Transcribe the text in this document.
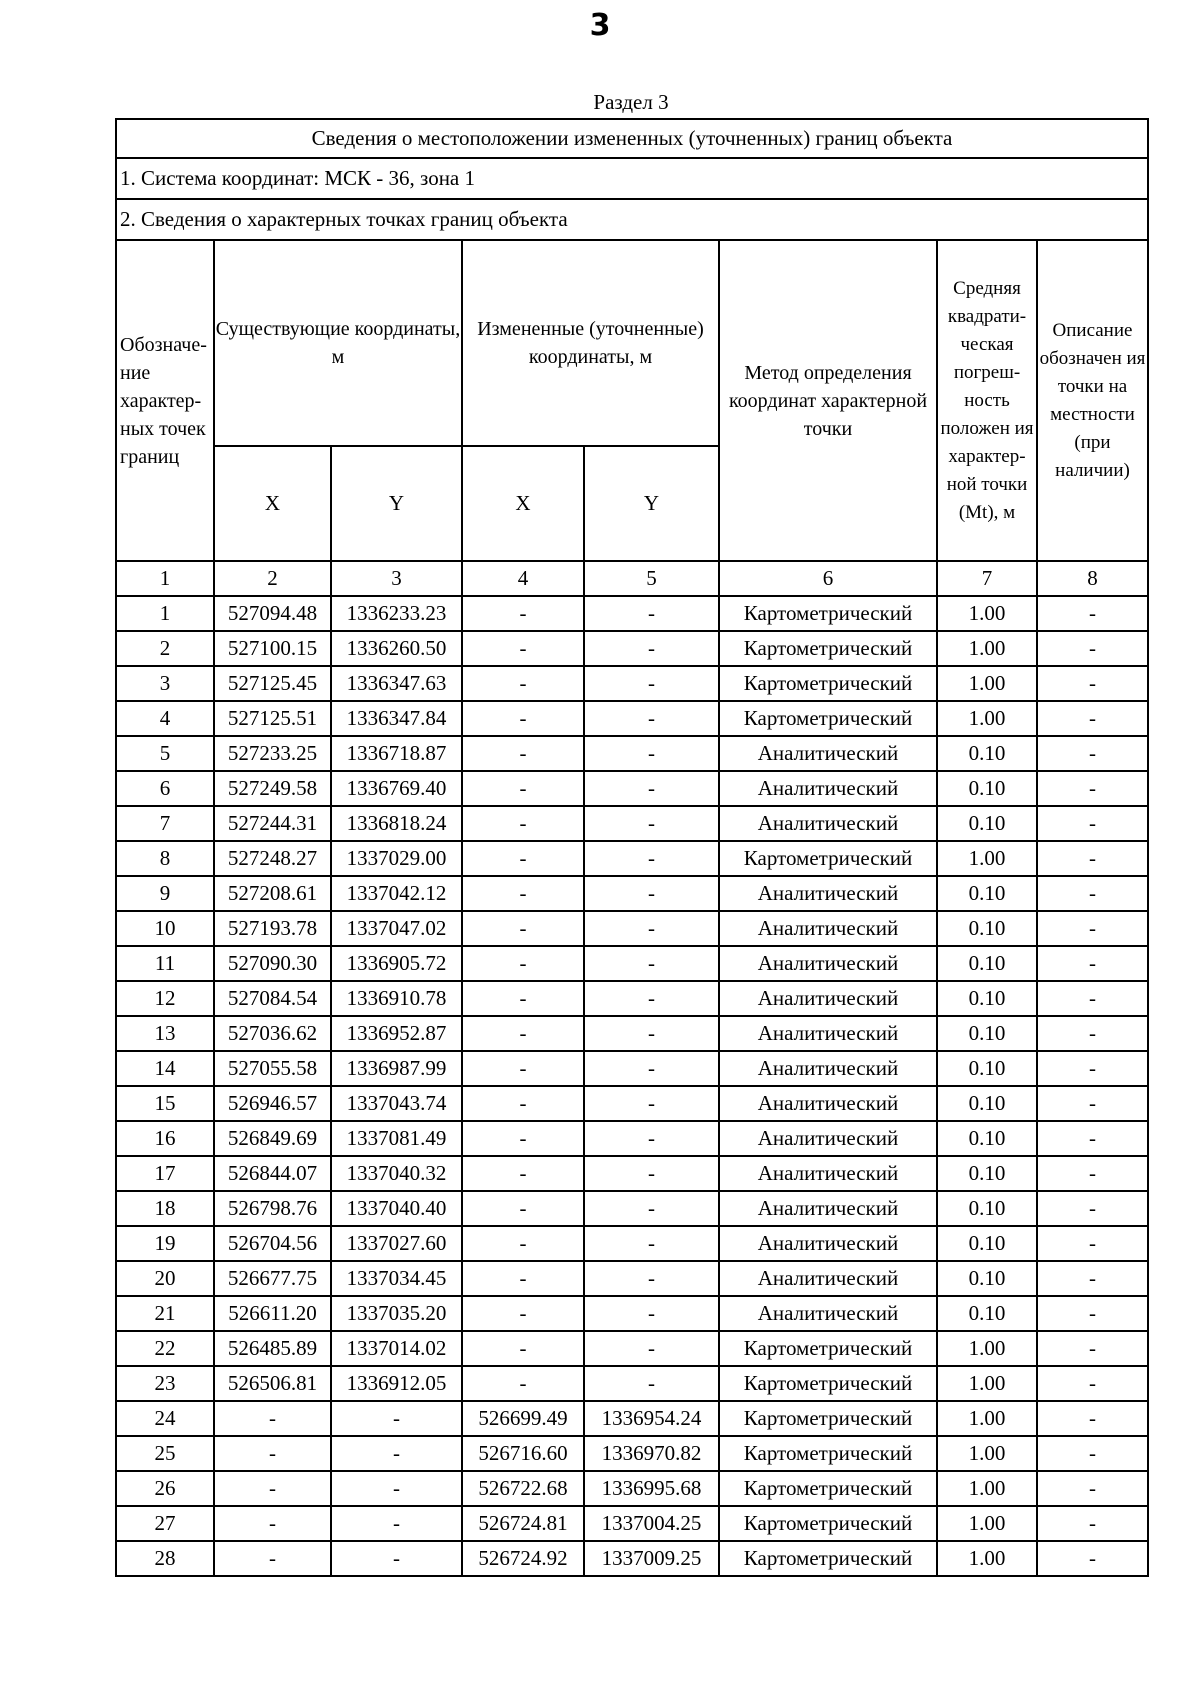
3
Раздел 3
Сведения о местоположении измененных (уточненных) границ объекта							
1. Система координат: МСК - 36, зона 1							
2. Сведения о характерных точках границ объекта							
Обозначе-ние характер-ных точек границ	Существующие координаты, м		Измененные (уточненные) координаты, м		Метод определения координат характерной точки	Средняя квадрати-ческая погреш-ность положен ия характер-ной точки (Mt), м	Описание обозначен ия точки на местности (при наличии)
	X	Y	X	Y			
1	2	3	4	5	6	7	8
1	527094.48	1336233.23	-	-	Картометрический	1.00	-
2	527100.15	1336260.50	-	-	Картометрический	1.00	-
3	527125.45	1336347.63	-	-	Картометрический	1.00	-
4	527125.51	1336347.84	-	-	Картометрический	1.00	-
5	527233.25	1336718.87	-	-	Аналитический	0.10	-
6	527249.58	1336769.40	-	-	Аналитический	0.10	-
7	527244.31	1336818.24	-	-	Аналитический	0.10	-
8	527248.27	1337029.00	-	-	Картометрический	1.00	-
9	527208.61	1337042.12	-	-	Аналитический	0.10	-
10	527193.78	1337047.02	-	-	Аналитический	0.10	-
11	527090.30	1336905.72	-	-	Аналитический	0.10	-
12	527084.54	1336910.78	-	-	Аналитический	0.10	-
13	527036.62	1336952.87	-	-	Аналитический	0.10	-
14	527055.58	1336987.99	-	-	Аналитический	0.10	-
15	526946.57	1337043.74	-	-	Аналитический	0.10	-
16	526849.69	1337081.49	-	-	Аналитический	0.10	-
17	526844.07	1337040.32	-	-	Аналитический	0.10	-
18	526798.76	1337040.40	-	-	Аналитический	0.10	-
19	526704.56	1337027.60	-	-	Аналитический	0.10	-
20	526677.75	1337034.45	-	-	Аналитический	0.10	-
21	526611.20	1337035.20	-	-	Аналитический	0.10	-
22	526485.89	1337014.02	-	-	Картометрический	1.00	-
23	526506.81	1336912.05	-	-	Картометрический	1.00	-
24	-	-	526699.49	1336954.24	Картометрический	1.00	-
25	-	-	526716.60	1336970.82	Картометрический	1.00	-
26	-	-	526722.68	1336995.68	Картометрический	1.00	-
27	-	-	526724.81	1337004.25	Картометрический	1.00	-
28	-	-	526724.92	1337009.25	Картометрический	1.00	-
